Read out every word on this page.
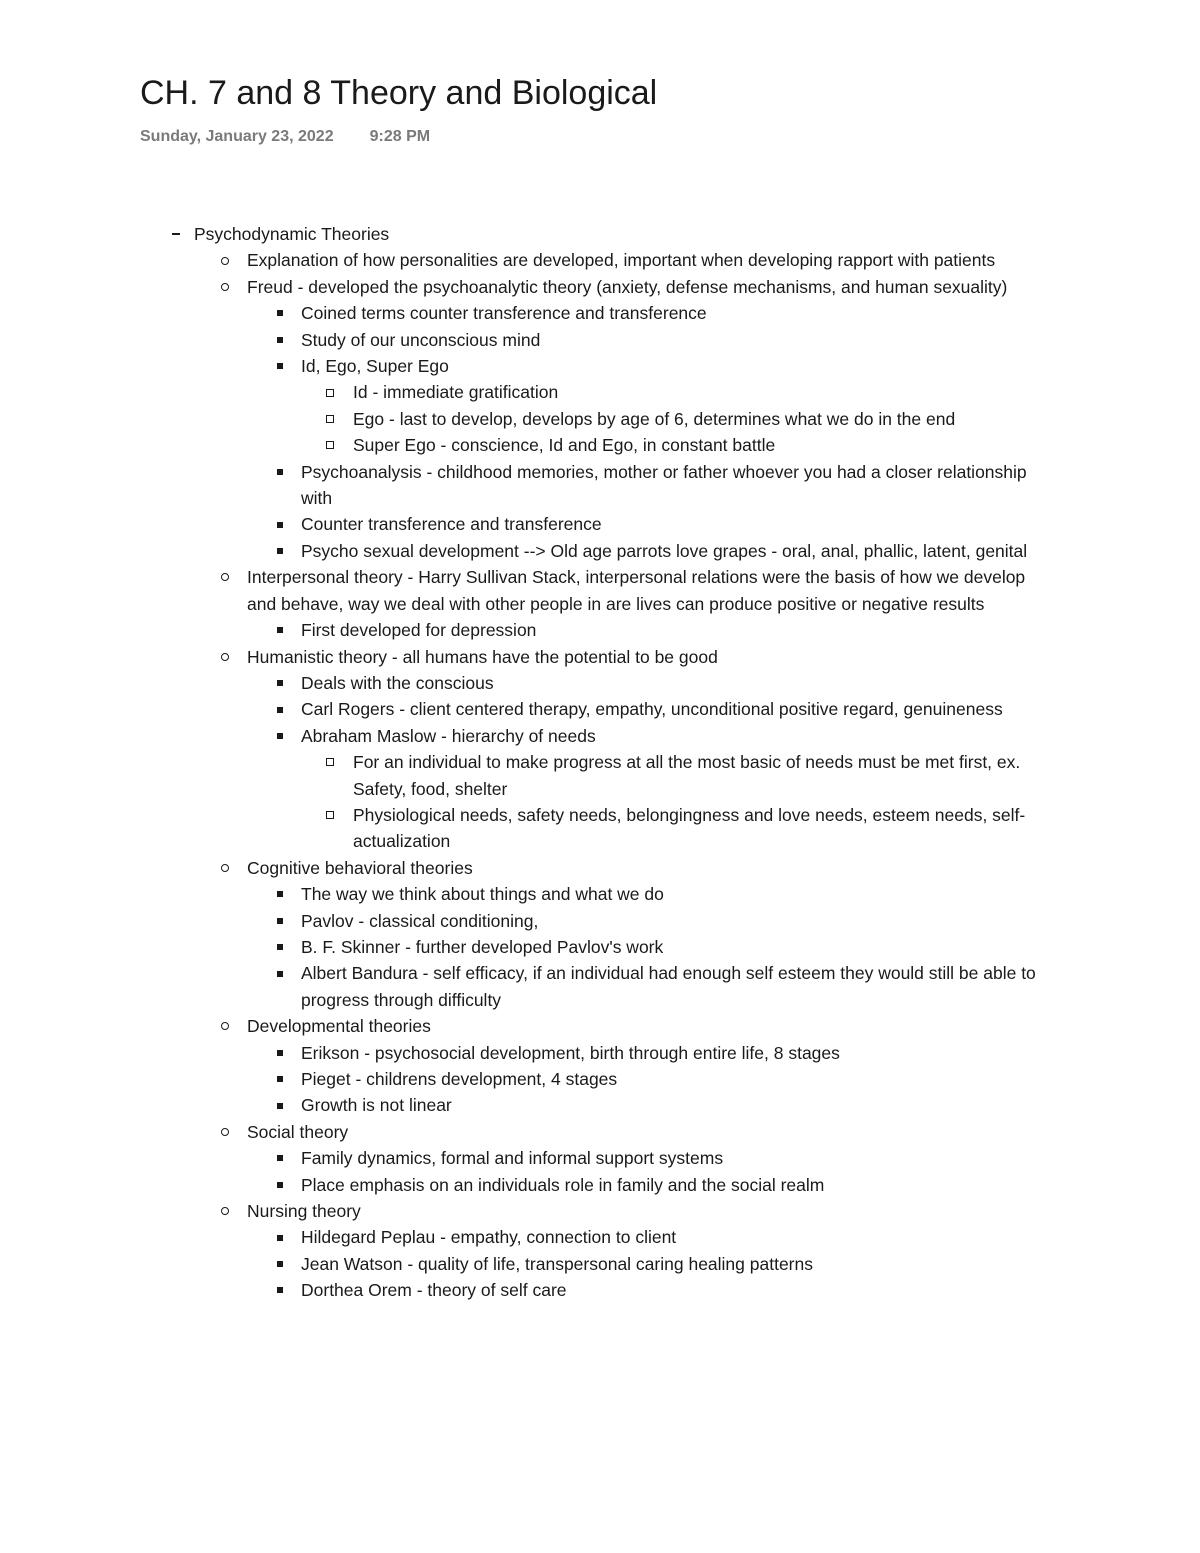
CH. 7 and 8 Theory and Biological
Sunday, January 23, 2022 9:28 PM
Psychodynamic Theories
Explanation of how personalities are developed, important when developing rapport with patients
Freud - developed the psychoanalytic theory (anxiety, defense mechanisms, and human sexuality)
Coined terms counter transference and transference
Study of our unconscious mind
Id, Ego, Super Ego
Id - immediate gratification
Ego - last to develop, develops by age of 6, determines what we do in the end
Super Ego - conscience, Id and Ego, in constant battle
Psychoanalysis - childhood memories, mother or father whoever you had a closer relationship with
Counter transference and transference
Psycho sexual development --> Old age parrots love grapes - oral, anal, phallic, latent, genital
Interpersonal theory - Harry Sullivan Stack, interpersonal relations were the basis of how we develop and behave, way we deal with other people in are lives can produce positive or negative results
First developed for depression
Humanistic theory - all humans have the potential to be good
Deals with the conscious
Carl Rogers - client centered therapy, empathy, unconditional positive regard, genuineness
Abraham Maslow - hierarchy of needs
For an individual to make progress at all the most basic of needs must be met first, ex. Safety, food, shelter
Physiological needs, safety needs, belongingness and love needs, esteem needs, self-actualization
Cognitive behavioral theories
The way we think about things and what we do
Pavlov - classical conditioning,
B. F. Skinner - further developed Pavlov's work
Albert Bandura - self efficacy, if an individual had enough self esteem they would still be able to progress through difficulty
Developmental theories
Erikson - psychosocial development, birth through entire life, 8 stages
Pieget - childrens development, 4 stages
Growth is not linear
Social theory
Family dynamics, formal and informal support systems
Place emphasis on an individuals role in family and the social realm
Nursing theory
Hildegard Peplau - empathy, connection to client
Jean Watson - quality of life, transpersonal caring healing patterns
Dorthea Orem - theory of self care
